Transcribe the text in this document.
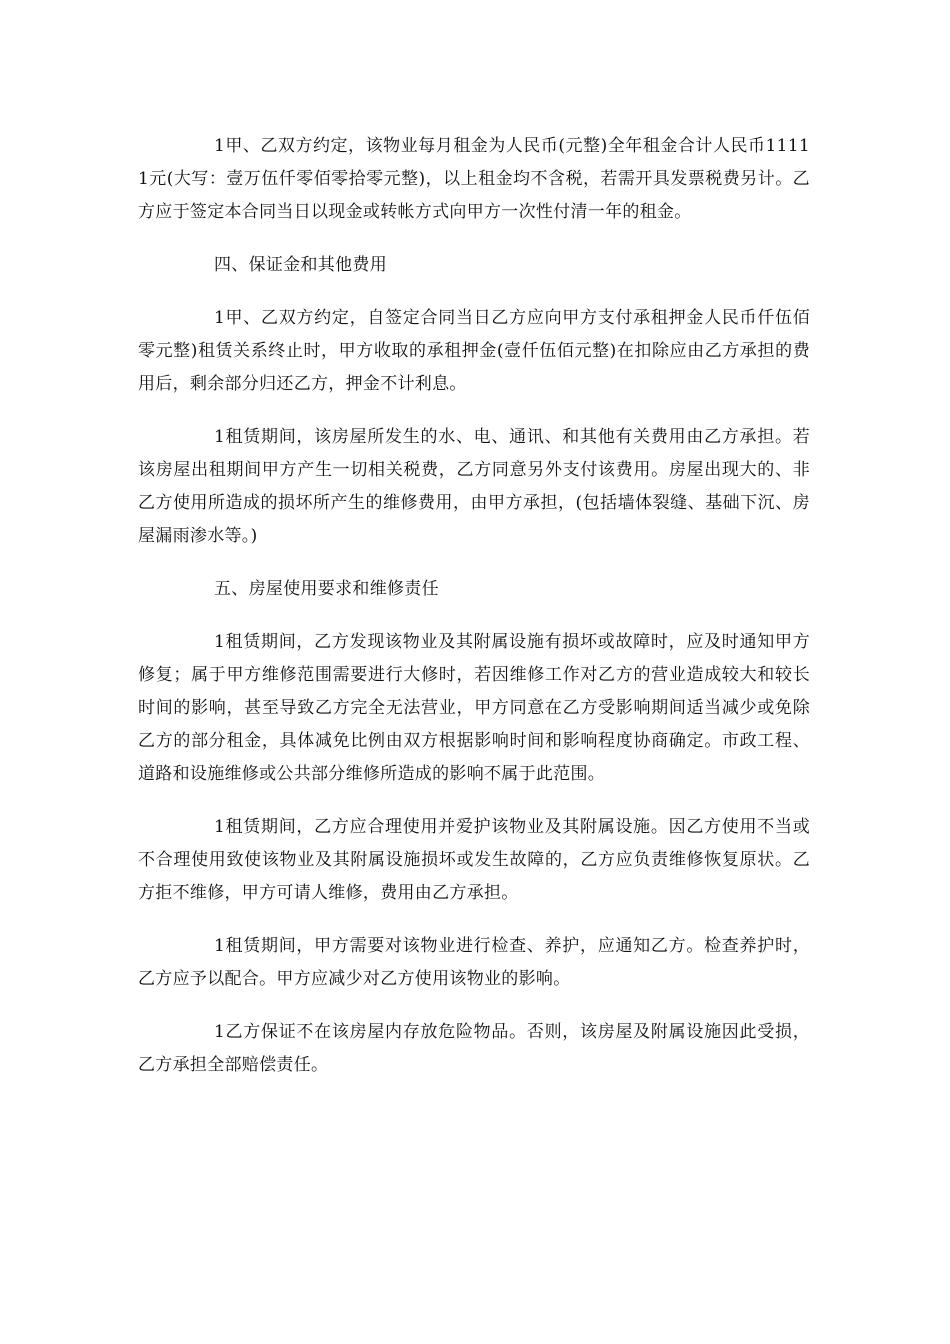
1甲、乙双方约定，该物业每月租金为人民币(元整)全年租金合计人民币11111元(大写：壹万伍仟零佰零拾零元整)，以上租金均不含税，若需开具发票税费另计。乙方应于签定本合同当日以现金或转帐方式向甲方一次性付清一年的租金。

四、保证金和其他费用

1甲、乙双方约定，自签定合同当日乙方应向甲方支付承租押金人民币仟伍佰零元整)租赁关系终止时，甲方收取的承租押金(壹仟伍佰元整)在扣除应由乙方承担的费用后，剩余部分归还乙方，押金不计利息。

1租赁期间，该房屋所发生的水、电、通讯、和其他有关费用由乙方承担。若该房屋出租期间甲方产生一切相关税费，乙方同意另外支付该费用。房屋出现大的、非乙方使用所造成的损坏所产生的维修费用，由甲方承担，(包括墙体裂缝、基础下沉、房屋漏雨渗水等。)

五、房屋使用要求和维修责任

1租赁期间，乙方发现该物业及其附属设施有损坏或故障时，应及时通知甲方修复；属于甲方维修范围需要进行大修时，若因维修工作对乙方的营业造成较大和较长时间的影响，甚至导致乙方完全无法营业，甲方同意在乙方受影响期间适当减少或免除乙方的部分租金，具体减免比例由双方根据影响时间和影响程度协商确定。市政工程、道路和设施维修或公共部分维修所造成的影响不属于此范围。

1租赁期间，乙方应合理使用并爱护该物业及其附属设施。因乙方使用不当或不合理使用致使该物业及其附属设施损坏或发生故障的，乙方应负责维修恢复原状。乙方拒不维修，甲方可请人维修，费用由乙方承担。

1租赁期间，甲方需要对该物业进行检查、养护，应通知乙方。检查养护时，乙方应予以配合。甲方应减少对乙方使用该物业的影响。

1乙方保证不在该房屋内存放危险物品。否则，该房屋及附属设施因此受损，乙方承担全部赔偿责任。
